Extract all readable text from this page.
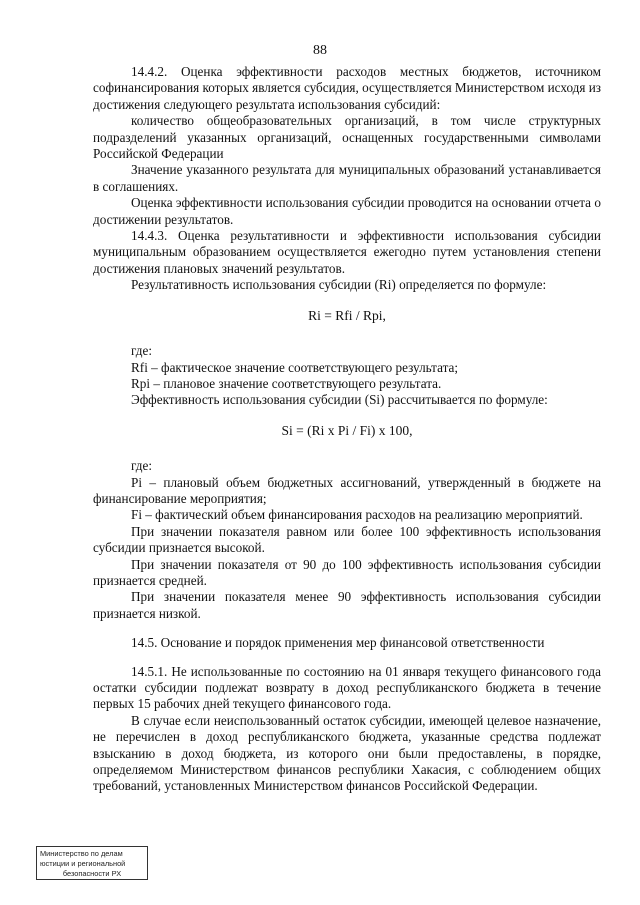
88

14.4.2. Оценка эффективности расходов местных бюджетов, источником софинансирования которых является субсидия, осуществляется Министерством исходя из достижения следующего результата использования субсидий:

количество общеобразовательных организаций, в том числе структурных подразделений указанных организаций, оснащенных государственными символами Российской Федерации

Значение указанного результата для муниципальных образований устанавливается в соглашениях.

Оценка эффективности использования субсидии проводится на основании отчета о достижении результатов.

14.4.3. Оценка результативности и эффективности использования субсидии муниципальным образованием осуществляется ежегодно путем установления степени достижения плановых значений результатов.

Результативность использования субсидии (Ri) определяется по формуле:

Ri = Rfi / Rpi,

где:

Rfi – фактическое значение соответствующего результата;

Rpi – плановое значение соответствующего результата.

Эффективность использования субсидии (Si) рассчитывается по формуле:

Si = (Ri x Pi / Fi) x 100,

где:

Pi – плановый объем бюджетных ассигнований, утвержденный в бюджете на финансирование мероприятия;

Fi – фактический объем финансирования расходов на реализацию мероприятий.

При значении показателя равном или более 100 эффективность использования субсидии признается высокой.

При значении показателя от 90 до 100 эффективность использования субсидии признается средней.

При значении показателя менее 90 эффективность использования субсидии признается низкой.

14.5. Основание и порядок применения мер финансовой ответственности

14.5.1. Не использованные по состоянию на 01 января текущего финансового года остатки субсидии подлежат возврату в доход республиканского бюджета в течение первых 15 рабочих дней текущего финансового года.

В случае если неиспользованный остаток субсидии, имеющей целевое назначение, не перечислен в доход республиканского бюджета, указанные средства подлежат взысканию в доход бюджета, из которого они были предоставлены, в порядке, определяемом Министерством финансов республики Хакасия, с соблюдением общих требований, установленных Министерством финансов Российской Федерации.

Министерство по делам
юстиции и региональной
безопасности РХ
